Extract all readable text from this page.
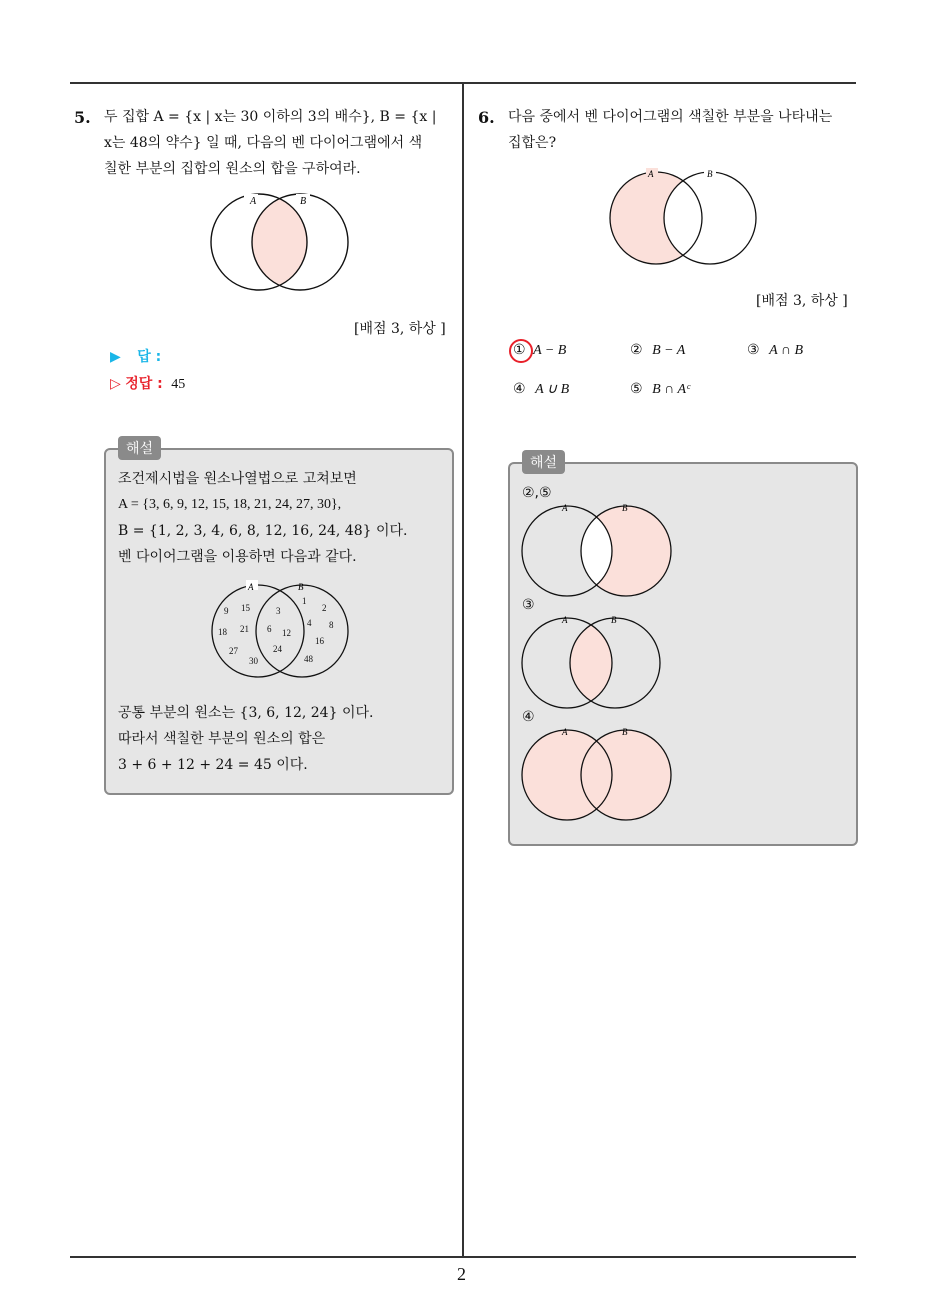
5. 두 집합 A = {x | x는 30 이하의 3의 배수}, B = {x |
x는 48의 약수} 일 때, 다음의 벤 다이어그램에서 색
칠한 부분의 집합의 원소의 합을 구하여라.
A	B
[배점 3, 하상 ]
▶ 답 :
▷ 정답 : 45
해설
조건제시법을 원소나열법으로 고쳐보면
A = {3, 6, 9, 12, 15, 18, 21, 24, 27, 30},
B = {1, 2, 3, 4, 6, 8, 12, 16, 24, 48} 이다.
벤 다이어그램을 이용하면 다음과 같다.
A	B
9 15
18 21
27
30
3
6 12
24
1
2
4 8
16
48
공통 부분의 원소는 {3, 6, 12, 24} 이다.
따라서 색칠한 부분의 원소의 합은
3 + 6 + 12 + 24 = 45 이다.
6. 다음 중에서 벤 다이어그램의 색칠한 부분을 나타내는
집합은?
A	B
[배점 3, 하상 ]
① A − B	② B − A	③ A ∩ B
④ A ∪ B	⑤ B ∩ Aᶜ
해설
②,⑤
A	B
③
A	B
④
A	B
2
